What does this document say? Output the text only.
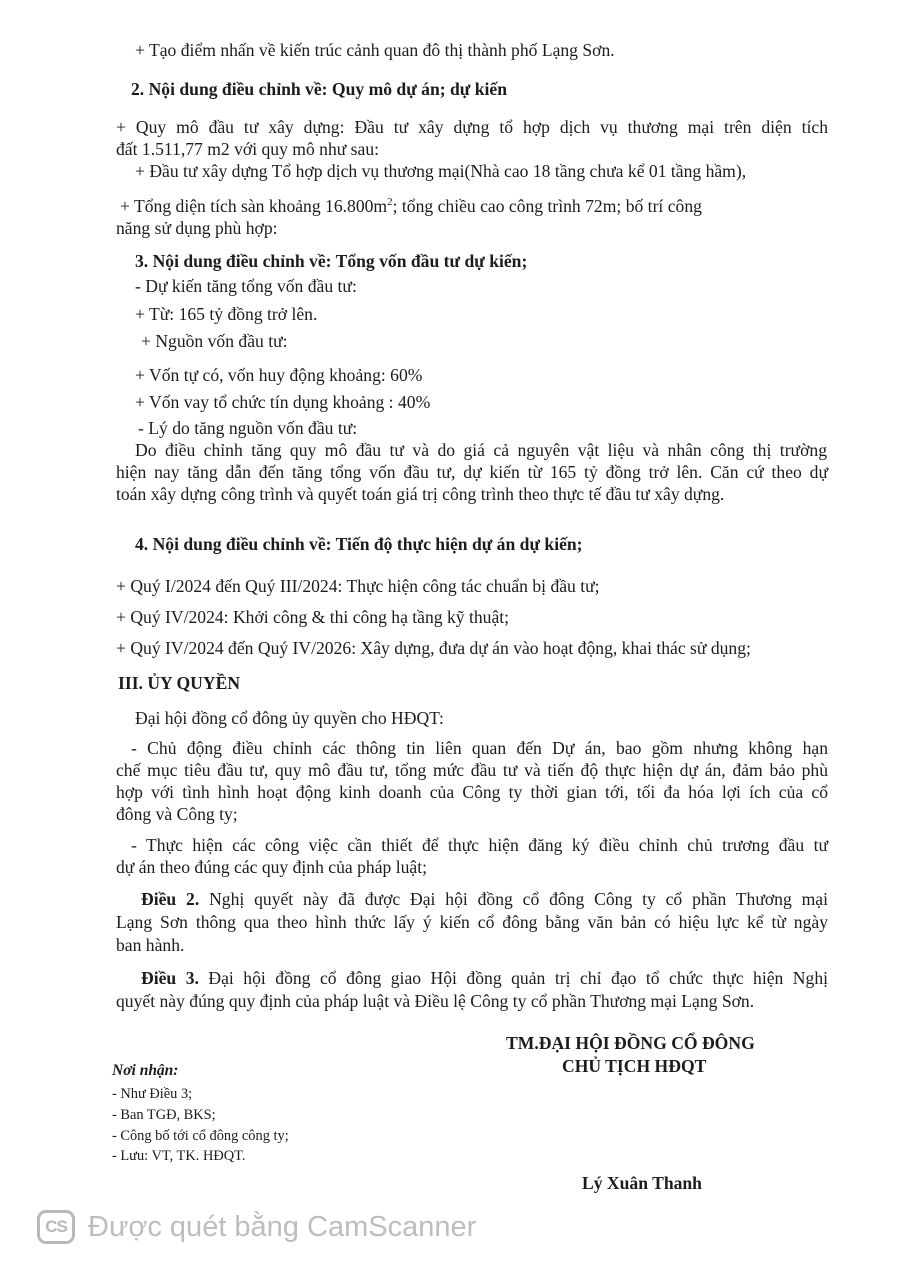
+ Tạo điểm nhấn về kiến trúc cảnh quan đô thị thành phố Lạng Sơn.
2. Nội dung điều chỉnh về: Quy mô dự án; dự kiến
+ Quy mô đầu tư xây dựng: Đầu tư xây dựng tổ hợp dịch vụ thương mại trên diện tích
đất 1.511,77 m2 với quy mô như sau:
+ Đầu tư xây dựng Tổ hợp dịch vụ thương mại(Nhà cao 18 tầng chưa kể 01 tầng hầm),
+ Tổng diện tích sàn khoảng $16.800m^2$; tổng chiều cao công trình 72m; bố trí công
năng sử dụng phù hợp:
3. Nội dung điều chỉnh về: Tổng vốn đầu tư dự kiến;
- Dự kiến tăng tổng vốn đầu tư:
+ Từ: 165 tỷ đồng trở lên.
+ Nguồn vốn đầu tư:
+ Vốn tự có, vốn huy động khoảng: 60%
+ Vốn vay tổ chức tín dụng khoảng : 40%
- Lý do tăng nguồn vốn đầu tư:
Do điều chỉnh tăng quy mô đầu tư và do giá cả nguyên vật liệu và nhân công thị trường
hiện nay tăng dẫn đến tăng tổng vốn đầu tư, dự kiến từ 165 tỷ đồng trở lên. Căn cứ theo dự
toán xây dựng công trình và quyết toán giá trị công trình theo thực tế đầu tư xây dựng.
4. Nội dung điều chỉnh về: Tiến độ thực hiện dự án dự kiến;
+ Quý I/2024 đến Quý III/2024: Thực hiện công tác chuẩn bị đầu tư;
+ Quý IV/2024: Khởi công & thi công hạ tầng kỹ thuật;
+ Quý IV/2024 đến Quý IV/2026: Xây dựng, đưa dự án vào hoạt động, khai thác sử dụng;
III. ỦY QUYỀN
Đại hội đồng cổ đông ủy quyền cho HĐQT:
- Chủ động điều chỉnh các thông tin liên quan đến Dự án, bao gồm nhưng không hạn
chế mục tiêu đầu tư, quy mô đầu tư, tổng mức đầu tư và tiến độ thực hiện dự án, đảm bảo phù
hợp với tình hình hoạt động kinh doanh của Công ty thời gian tới, tối đa hóa lợi ích của cổ
đông và Công ty;
- Thực hiện các công việc cần thiết để thực hiện đăng ký điều chỉnh chủ trương đầu tư
dự án theo đúng các quy định của pháp luật;
Điều 2. Nghị quyết này đã được Đại hội đồng cổ đông Công ty cổ phần Thương mại
Lạng Sơn thông qua theo hình thức lấy ý kiến cổ đông bằng văn bản có hiệu lực kể từ ngày
ban hành.
Điều 3. Đại hội đồng cổ đông giao Hội đồng quản trị chỉ đạo tổ chức thực hiện Nghị
quyết này đúng quy định của pháp luật và Điều lệ Công ty cổ phần Thương mại Lạng Sơn.
TM.ĐẠI HỘI ĐỒNG CỔ ĐÔNG
CHỦ TỊCH HĐQT
Lý Xuân Thanh
Nơi nhận:
- Như Điều 3;
- Ban TGĐ, BKS;
- Công bố tới cổ đông công ty;
- Lưu: VT, TK. HĐQT.
CS Được quét bằng CamScanner
